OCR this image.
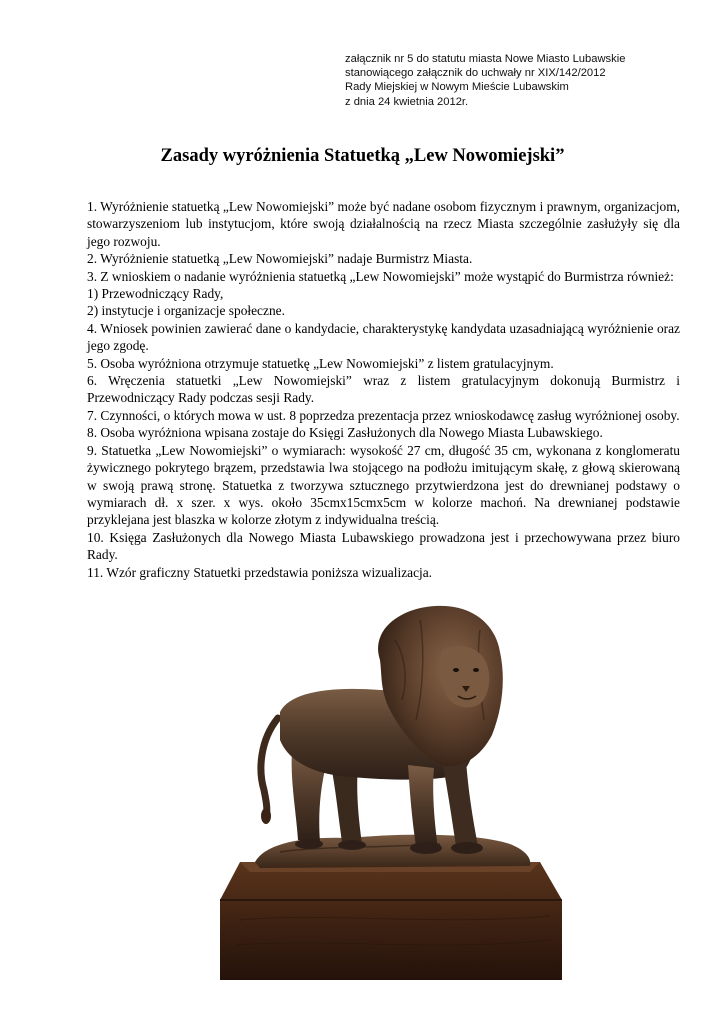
załącznik nr 5 do statutu miasta Nowe Miasto Lubawskie
stanowiącego załącznik do uchwały nr XIX/142/2012
Rady Miejskiej w Nowym Mieście Lubawskim
z dnia 24 kwietnia 2012r.
Zasady wyróżnienia Statuetką „Lew Nowomiejski”

1. Wyróżnienie statuetką „Lew Nowomiejski” może być nadane osobom fizycznym i prawnym, organizacjom, stowarzyszeniom lub instytucjom, które swoją działalnością na rzecz Miasta szczególnie zasłużyły się dla jego rozwoju.

2. Wyróżnienie statuetką „Lew Nowomiejski” nadaje Burmistrz Miasta.

3. Z wnioskiem o nadanie wyróżnienia statuetką „Lew Nowomiejski” może wystąpić do Burmistrza również:

1) Przewodniczący Rady,

2) instytucje i organizacje społeczne.

4. Wniosek powinien zawierać dane o kandydacie, charakterystykę kandydata uzasadniającą wyróżnienie oraz jego zgodę.

5. Osoba wyróżniona otrzymuje statuetkę „Lew Nowomiejski” z listem gratulacyjnym.

6. Wręczenia statuetki „Lew Nowomiejski” wraz z listem gratulacyjnym dokonują Burmistrz i Przewodniczący Rady podczas sesji Rady.

7. Czynności, o których mowa w ust. 8 poprzedza prezentacja przez wnioskodawcę zasług wyróżnionej osoby.

8. Osoba wyróżniona wpisana zostaje do Księgi Zasłużonych dla Nowego Miasta Lubawskiego.

9. Statuetka „Lew Nowomiejski” o wymiarach: wysokość 27 cm, długość 35 cm, wykonana z konglomeratu żywicznego pokrytego brązem, przedstawia lwa stojącego na podłożu imitującym skałę, z głową skierowaną w swoją prawą stronę. Statuetka z tworzywa sztucznego przytwierdzona jest do drewnianej podstawy o wymiarach dł. x szer. x wys. około 35cmx15cmx5cm w kolorze machoń. Na drewnianej podstawie przyklejana jest blaszka w kolorze złotym z indywidualna treścią.

10. Księga Zasłużonych dla Nowego Miasta Lubawskiego prowadzona jest i przechowywana przez biuro Rady.

11. Wzór graficzny Statuetki przedstawia poniższa wizualizacja.
